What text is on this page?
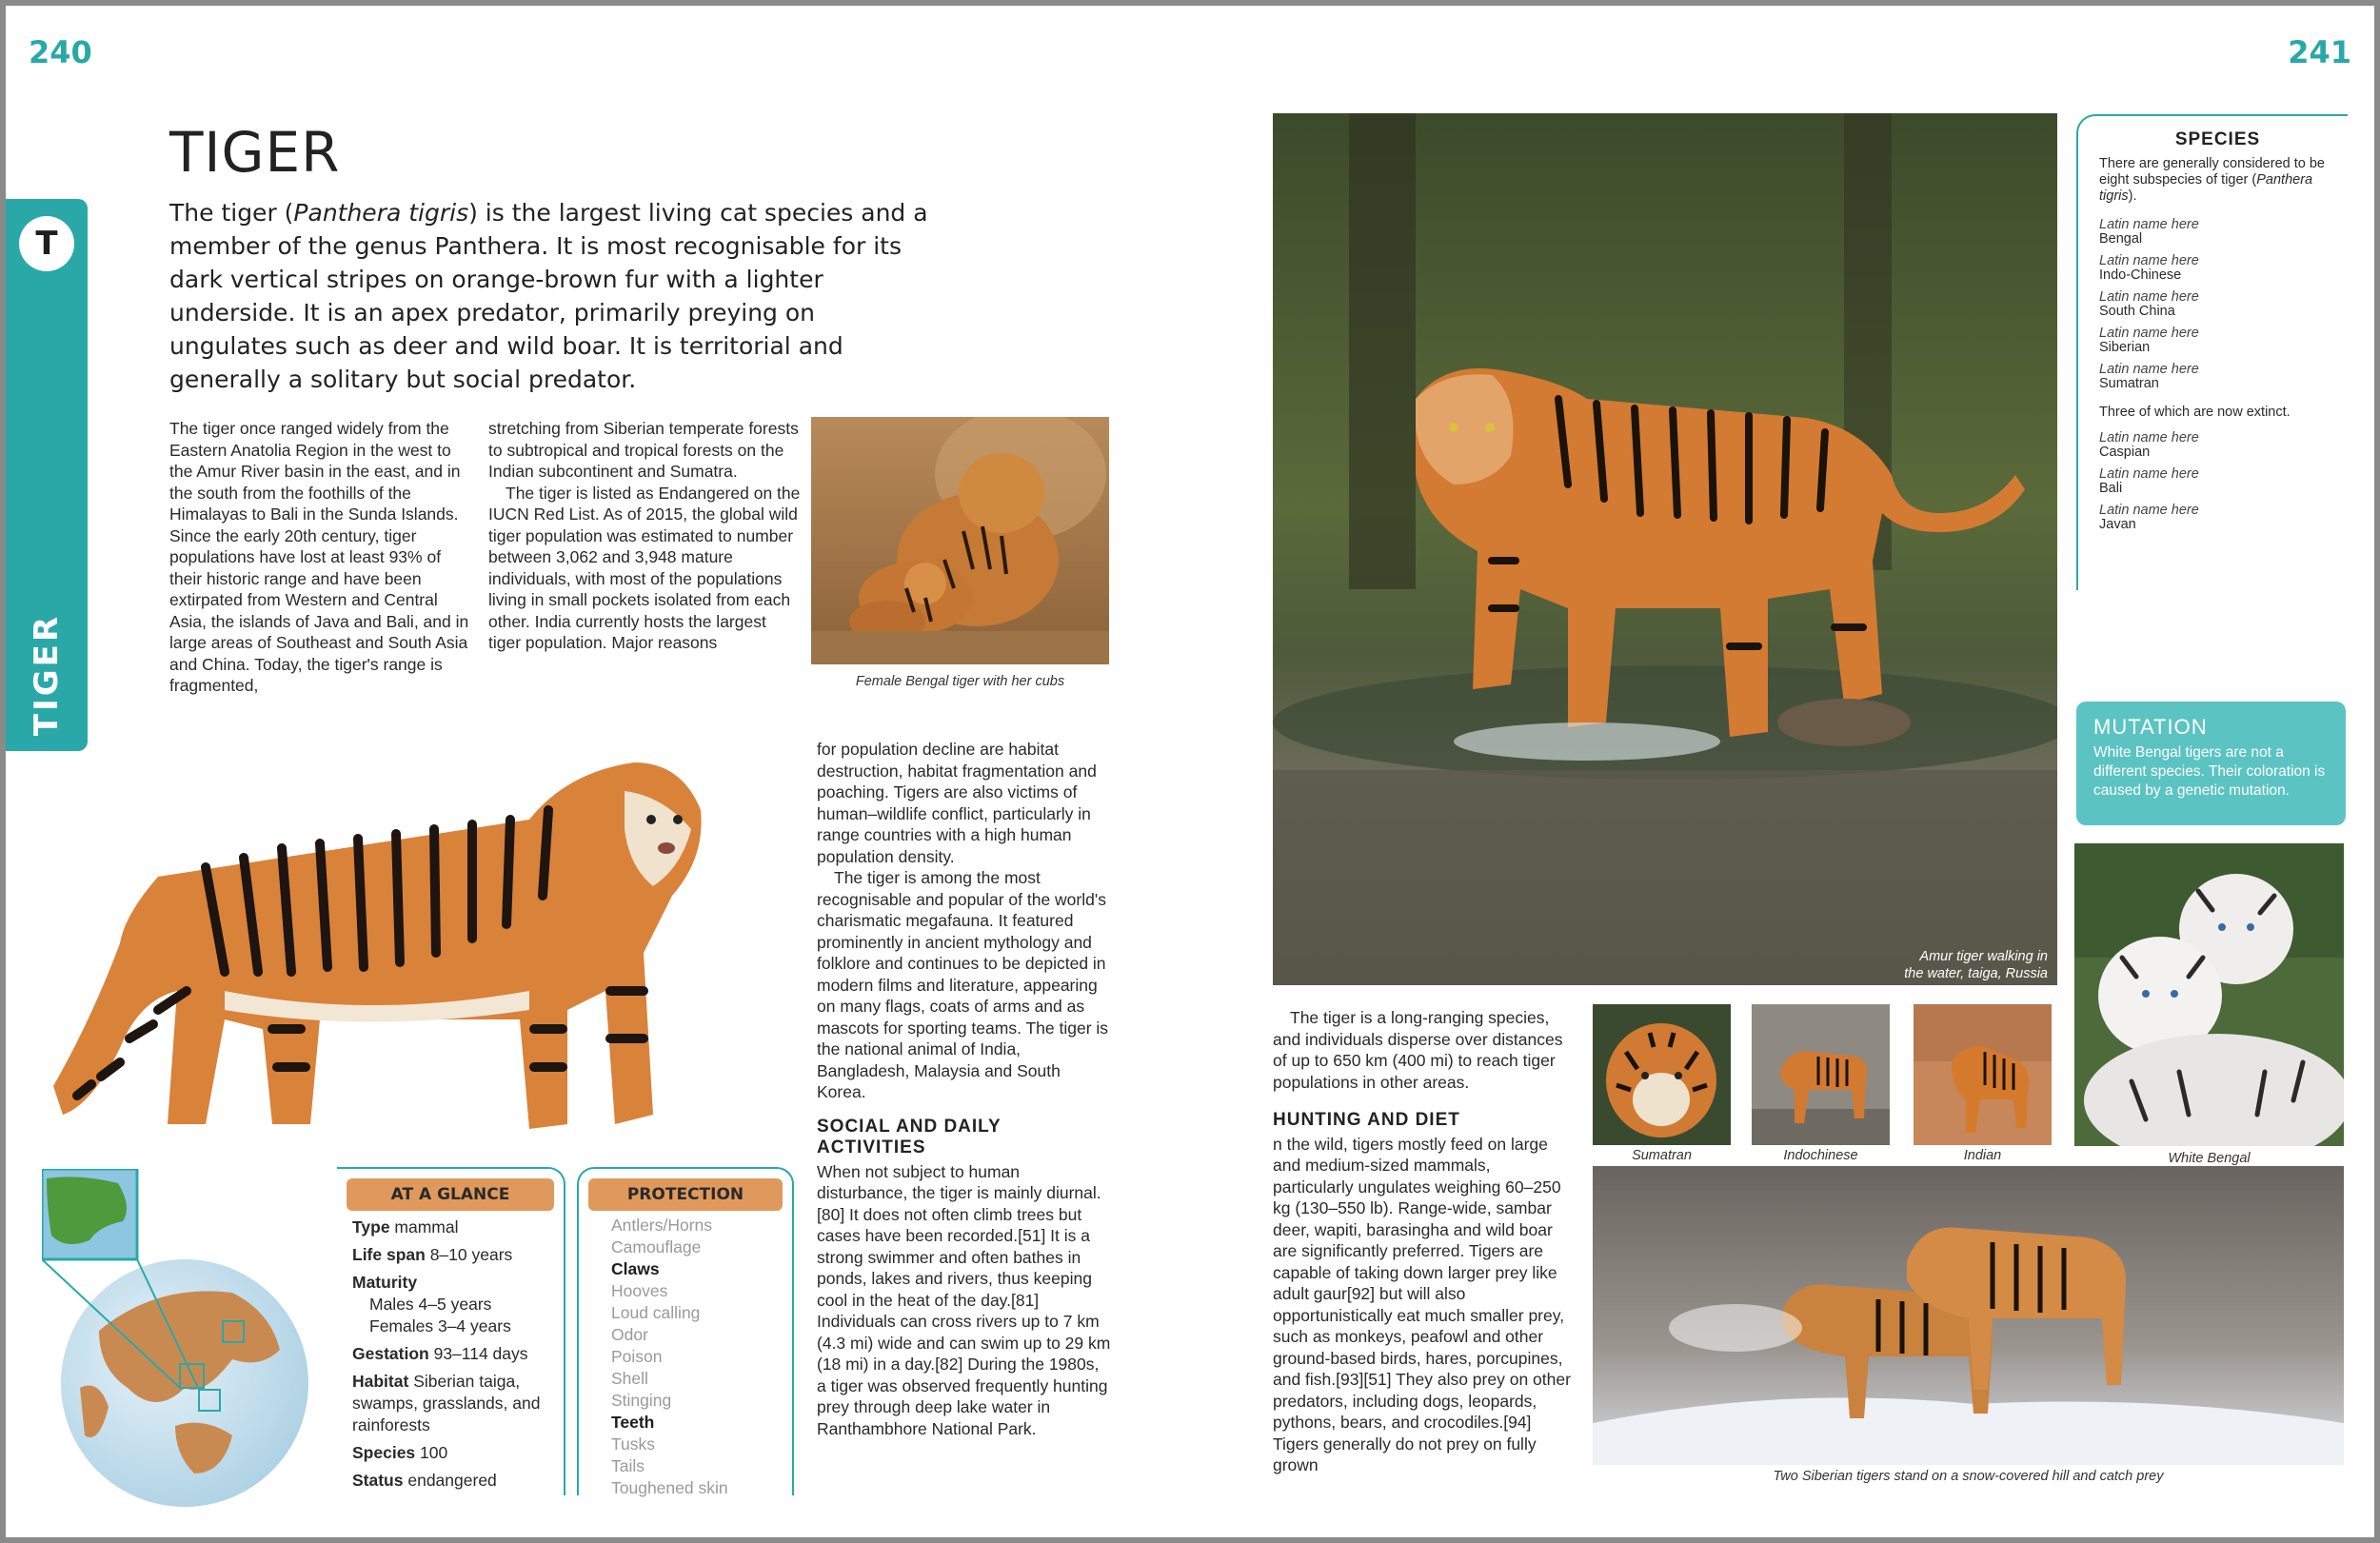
240	241
T
TIGER
TIGER

The tiger (Panthera tigris) is the largest living cat species and a member of the genus Panthera. It is most recognisable for its dark vertical stripes on orange-brown fur with a lighter underside. It is an apex predator, primarily preying on ungulates such as deer and wild boar. It is territorial and generally a solitary but social predator.

The tiger once ranged widely from the Eastern Anatolia Region in the west to the Amur River basin in the east, and in the south from the foothills of the Himalayas to Bali in the Sunda Islands. Since the early 20th century, tiger populations have lost at least 93% of their historic range and have been extirpated from Western and Central Asia, the islands of Java and Bali, and in large areas of Southeast and South Asia and China. Today, the tiger's range is fragmented,

stretching from Siberian temperate forests to subtropical and tropical forests on the Indian subcontinent and Sumatra.

The tiger is listed as Endangered on the IUCN Red List. As of 2015, the global wild tiger population was estimated to number between 3,062 and 3,948 mature individuals, with most of the populations living in small pockets isolated from each other. India currently hosts the largest tiger population. Major reasons

Female Bengal tiger with her cubs

for population decline are habitat destruction, habitat fragmentation and poaching. Tigers are also victims of human–wildlife conflict, particularly in range countries with a high human population density.

The tiger is among the most recognisable and popular of the world's charismatic megafauna. It featured prominently in ancient mythology and folklore and continues to be depicted in modern films and literature, appearing on many flags, coats of arms and as mascots for sporting teams. The tiger is the national animal of India, Bangladesh, Malaysia and South Korea.

SOCIAL AND DAILY ACTIVITIES

When not subject to human disturbance, the tiger is mainly diurnal.[80] It does not often climb trees but cases have been recorded.[51] It is a strong swimmer and often bathes in ponds, lakes and rivers, thus keeping cool in the heat of the day.[81] Individuals can cross rivers up to 7 km (4.3 mi) wide and can swim up to 29 km (18 mi) in a day.[82] During the 1980s, a tiger was observed frequently hunting prey through deep lake water in Ranthambhore National Park.

AT A GLANCE
Type mammal
Life span 8–10 years
Maturity
Males 4–5 years
Females 3–4 years
Gestation 93–114 days
Habitat Siberian taiga, swamps, grasslands, and rainforests
Species 100
Status endangered
PROTECTION
Antlers/Horns
Camouflage
Claws
Hooves
Loud calling
Odor
Poison
Shell
Stinging
Teeth
Tusks
Tails
Toughened skin
Amur tiger walking in
the water, taiga, Russia
SPECIES
There are generally considered to be eight subspecies of tiger (Panthera tigris).
Latin name here
Bengal
Latin name here
Indo-Chinese
Latin name here
South China
Latin name here
Siberian
Latin name here
Sumatran
Three of which are now extinct.
Latin name here
Caspian
Latin name here
Bali
Latin name here
Javan
MUTATION

White Bengal tigers are not a different species. Their coloration is caused by a genetic mutation.

White Bengal

The tiger is a long-ranging species, and individuals disperse over distances of up to 650 km (400 mi) to reach tiger populations in other areas.

HUNTING AND DIET

n the wild, tigers mostly feed on large and medium-sized mammals, particularly ungulates weighing 60–250 kg (130–550 lb). Range-wide, sambar deer, wapiti, barasingha and wild boar are significantly preferred. Tigers are capable of taking down larger prey like adult gaur[92] but will also opportunistically eat much smaller prey, such as monkeys, peafowl and other ground-based birds, hares, porcupines, and fish.[93][51] They also prey on other predators, including dogs, leopards, pythons, bears, and crocodiles.[94] Tigers generally do not prey on fully grown

Sumatran	Indochinese	Indian
Two Siberian tigers stand on a snow-covered hill and catch prey
